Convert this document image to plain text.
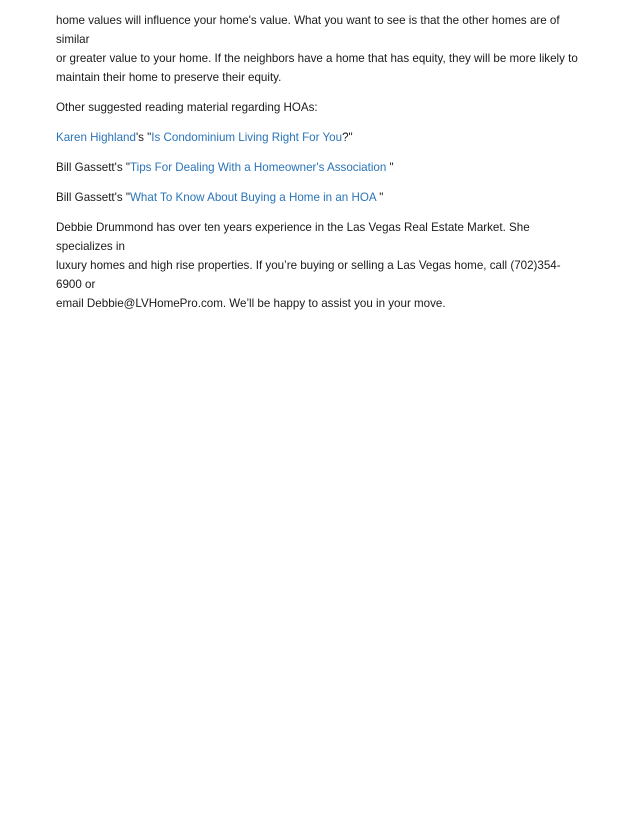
home values will influence your home's value. What you want to see is that the other homes are of similar
or greater value to your home. If the neighbors have a home that has equity, they will be more likely to
maintain their home to preserve their equity.

Other suggested reading material regarding HOAs:

Karen Highland's "Is Condominium Living Right For You?"

Bill Gassett's "Tips For Dealing With a Homeowner's Association "

Bill Gassett's "What To Know About Buying a Home in an HOA "

Debbie Drummond has over ten years experience in the Las Vegas Real Estate Market. She specializes in
luxury homes and high rise properties. If you’re buying or selling a Las Vegas home, call (702)354-6900 or
email Debbie@LVHomePro.com. We’ll be happy to assist you in your move.
